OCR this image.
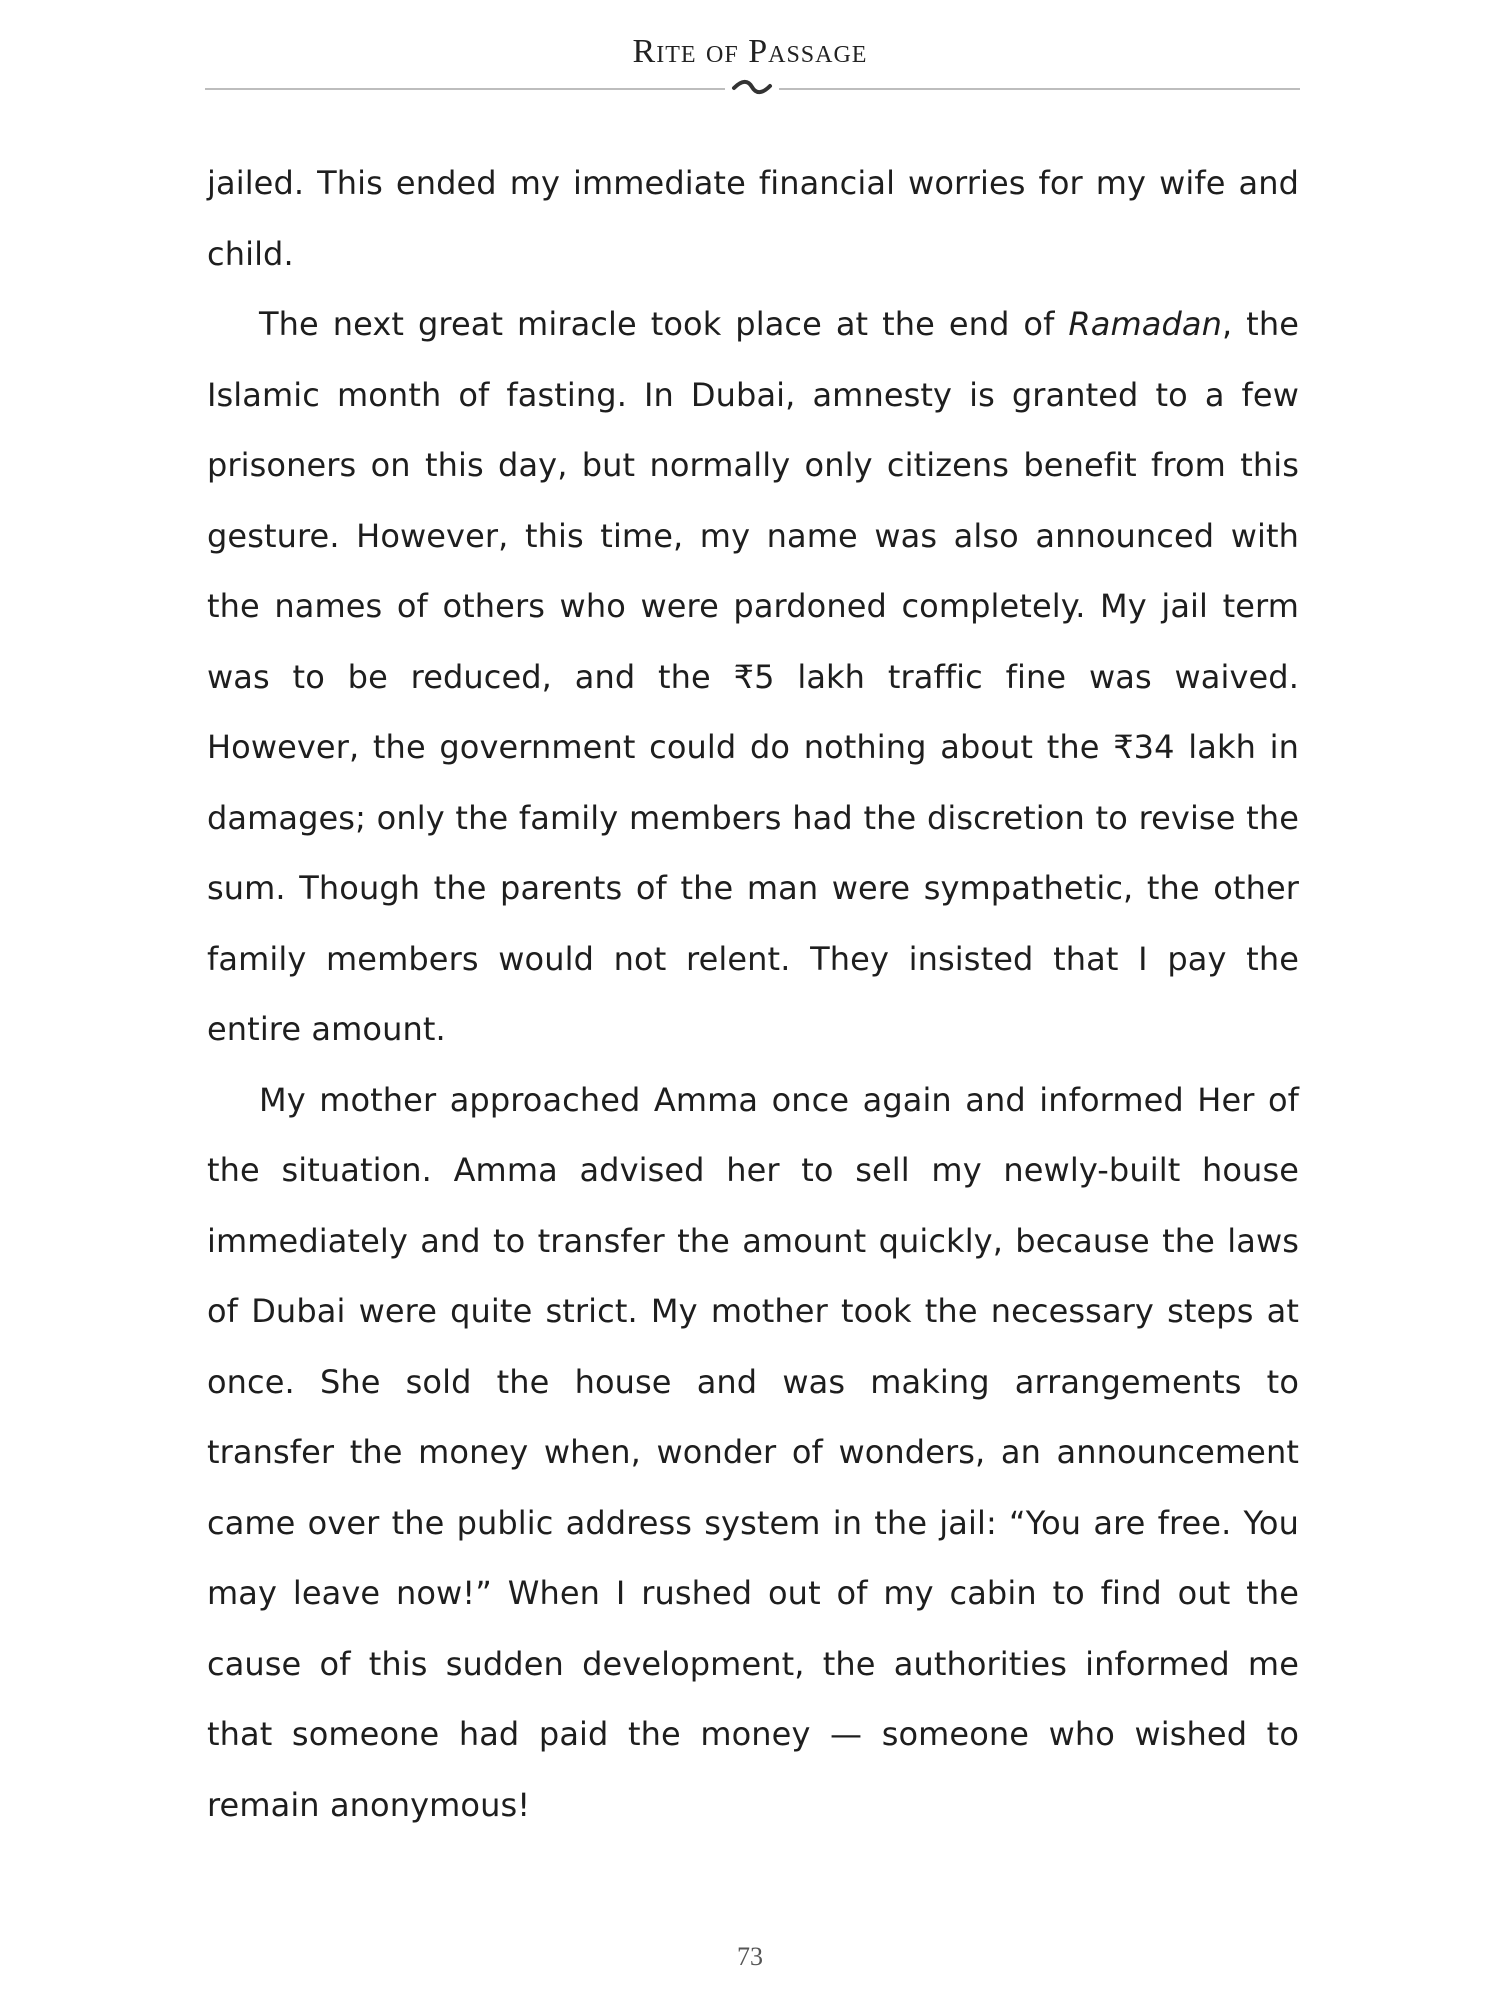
Rite of Passage

jailed. This ended my immediate financial worries for my wife and child.

The next great miracle took place at the end of Ramadan, the Islamic month of fasting. In Dubai, amnesty is granted to a few prisoners on this day, but normally only citizens benefit from this gesture. However, this time, my name was also announced with the names of others who were pardoned completely. My jail term was to be reduced, and the ₹5 lakh traffic fine was waived. However, the government could do nothing about the ₹34 lakh in damages; only the family members had the discretion to revise the sum. Though the parents of the man were sympathetic, the other family members would not relent. They insisted that I pay the entire amount.

My mother approached Amma once again and informed Her of the situation. Amma advised her to sell my newly-built house immediately and to transfer the amount quickly, because the laws of Dubai were quite strict. My mother took the necessary steps at once. She sold the house and was making arrangements to transfer the money when, wonder of wonders, an announcement came over the public address system in the jail: “You are free. You may leave now!” When I rushed out of my cabin to find out the cause of this sudden development, the authorities informed me that someone had paid the money — someone who wished to remain anonymous!

73
